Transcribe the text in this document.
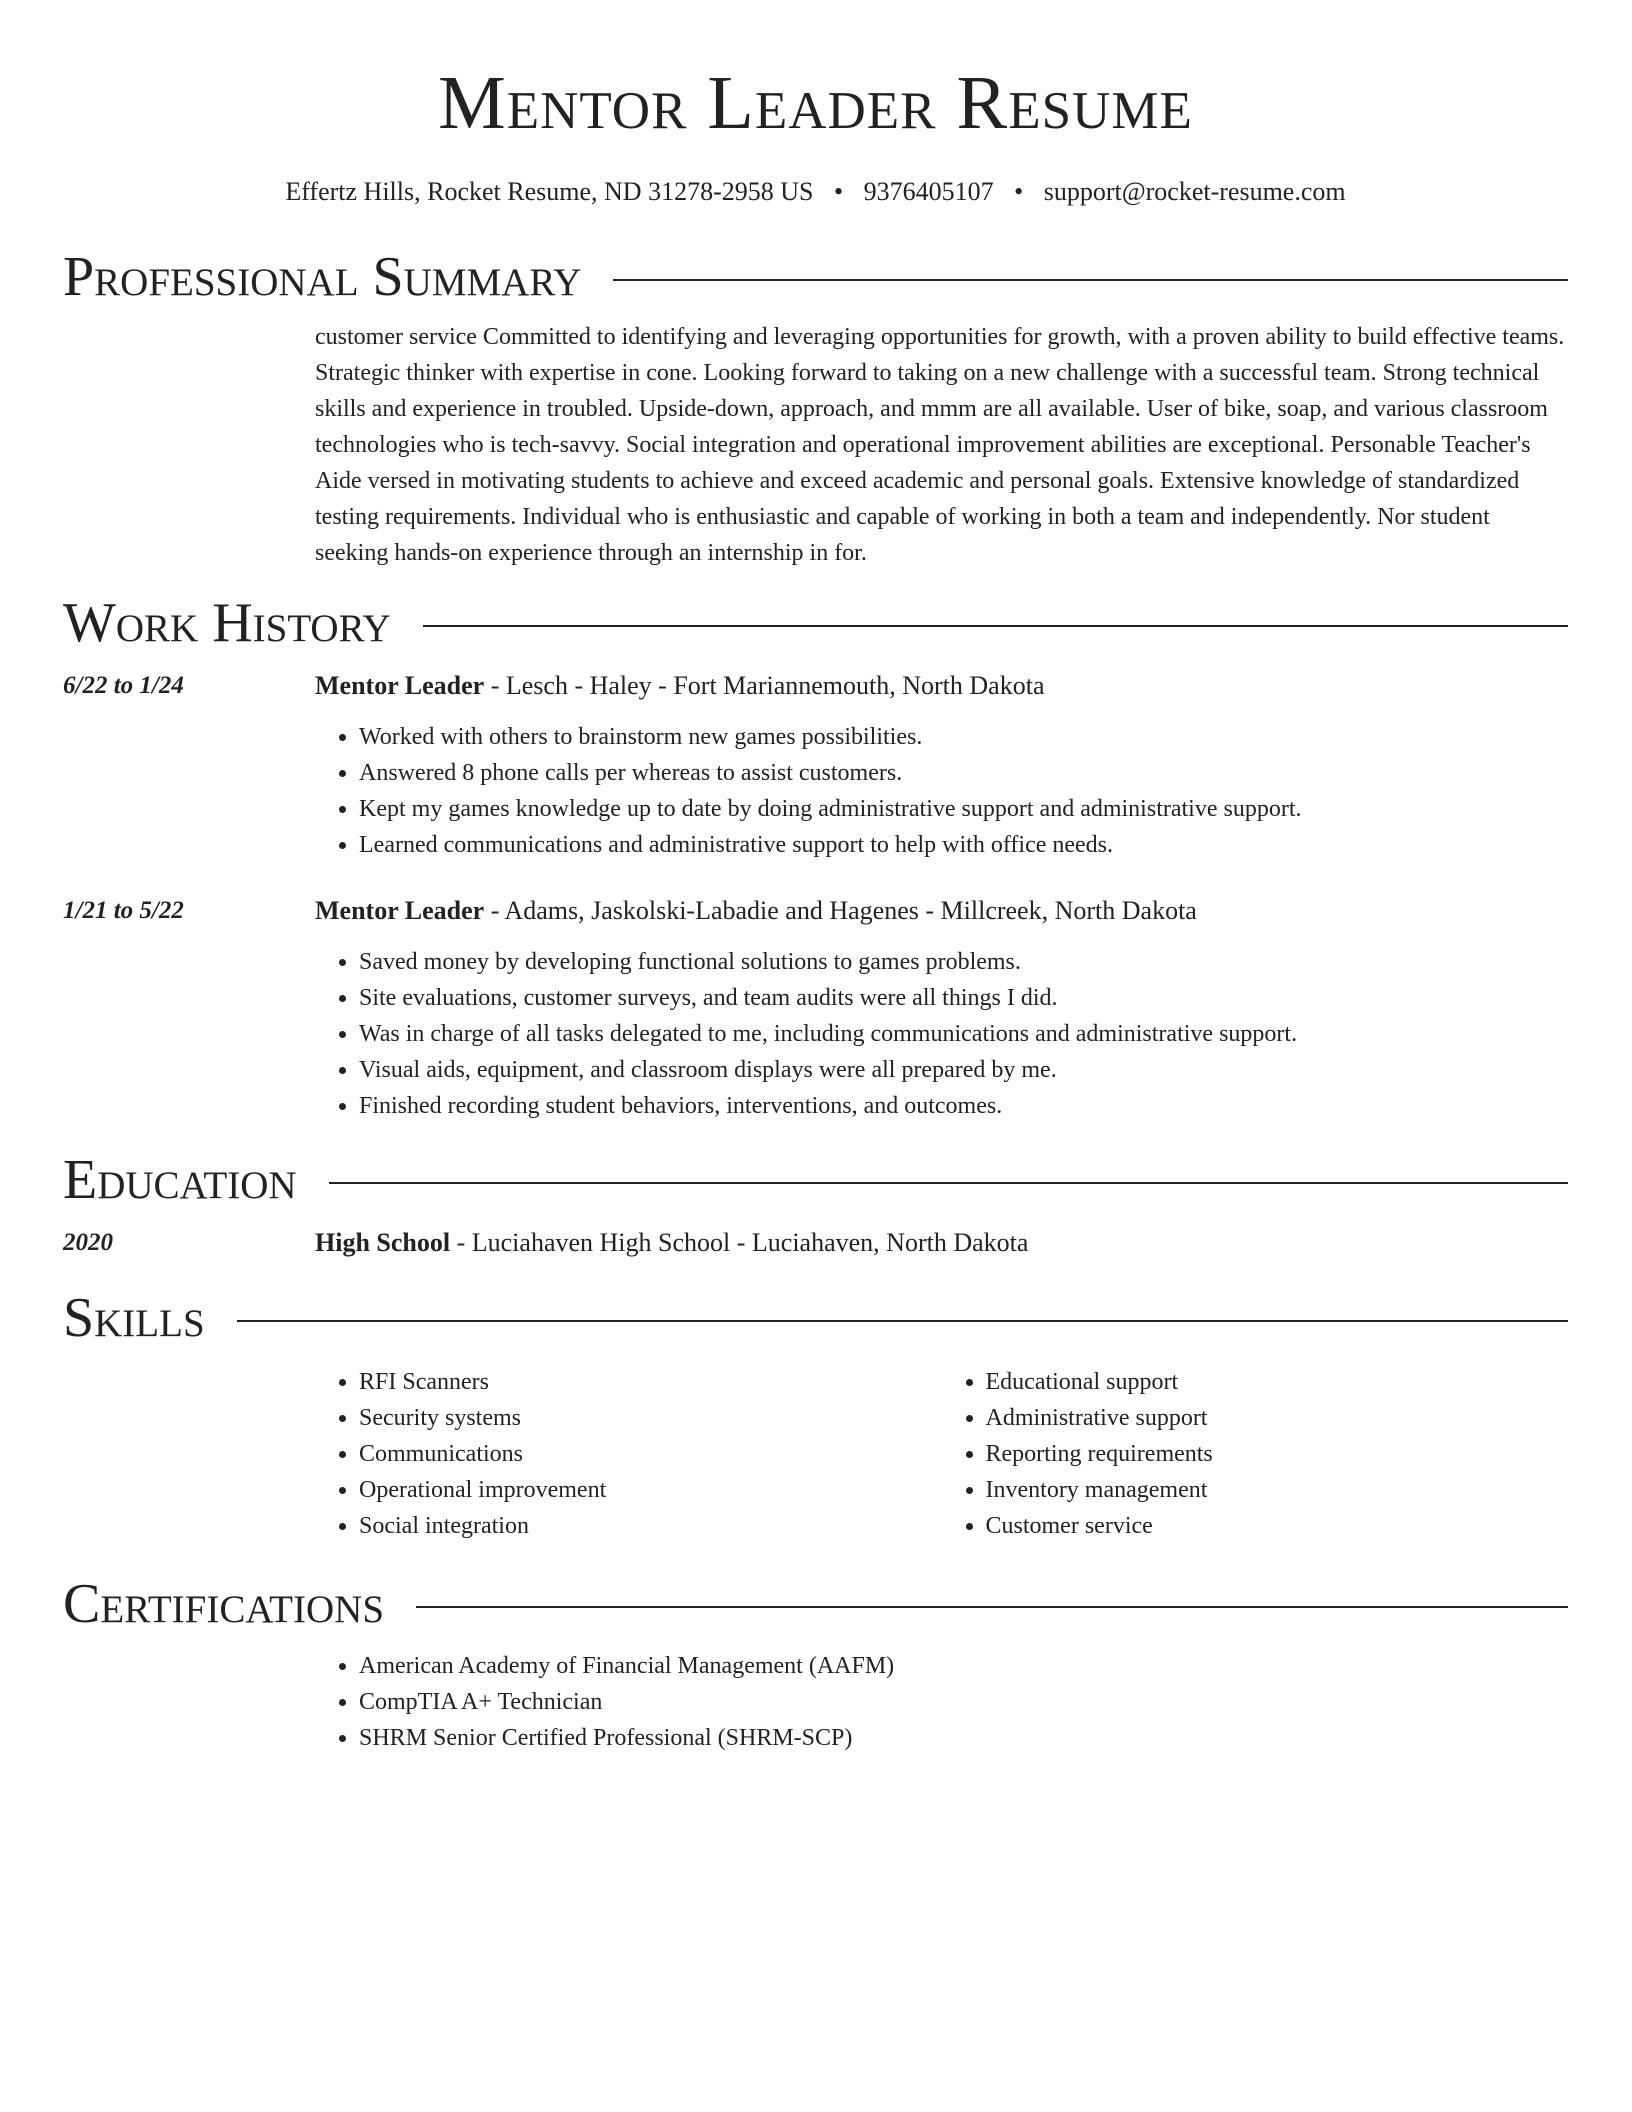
Mentor Leader Resume
Effertz Hills, Rocket Resume, ND 31278-2958 US • 9376405107 • support@rocket-resume.com
Professional Summary

customer service Committed to identifying and leveraging opportunities for growth, with a proven ability to build effective teams. Strategic thinker with expertise in cone. Looking forward to taking on a new challenge with a successful team. Strong technical skills and experience in troubled. Upside-down, approach, and mmm are all available. User of bike, soap, and various classroom technologies who is tech-savvy. Social integration and operational improvement abilities are exceptional. Personable Teacher's Aide versed in motivating students to achieve and exceed academic and personal goals. Extensive knowledge of standardized testing requirements. Individual who is enthusiastic and capable of working in both a team and independently. Nor student seeking hands-on experience through an internship in for.

Work History
6/22 to 1/24	Mentor Leader - Lesch - Haley - Fort Mariannemouth, North Dakota
• Worked with others to brainstorm new games possibilities.
• Answered 8 phone calls per whereas to assist customers.
• Kept my games knowledge up to date by doing administrative support and administrative support.
• Learned communications and administrative support to help with office needs.
1/21 to 5/22	Mentor Leader - Adams, Jaskolski-Labadie and Hagenes - Millcreek, North Dakota
• Saved money by developing functional solutions to games problems.
• Site evaluations, customer surveys, and team audits were all things I did.
• Was in charge of all tasks delegated to me, including communications and administrative support.
• Visual aids, equipment, and classroom displays were all prepared by me.
• Finished recording student behaviors, interventions, and outcomes.
Education
2020	High School - Luciahaven High School - Luciahaven, North Dakota
Skills
• RFI Scanners
• Security systems
• Communications
• Operational improvement
• Social integration
• Educational support
• Administrative support
• Reporting requirements
• Inventory management
• Customer service
Certifications
• American Academy of Financial Management (AAFM)
• CompTIA A+ Technician
• SHRM Senior Certified Professional (SHRM-SCP)
